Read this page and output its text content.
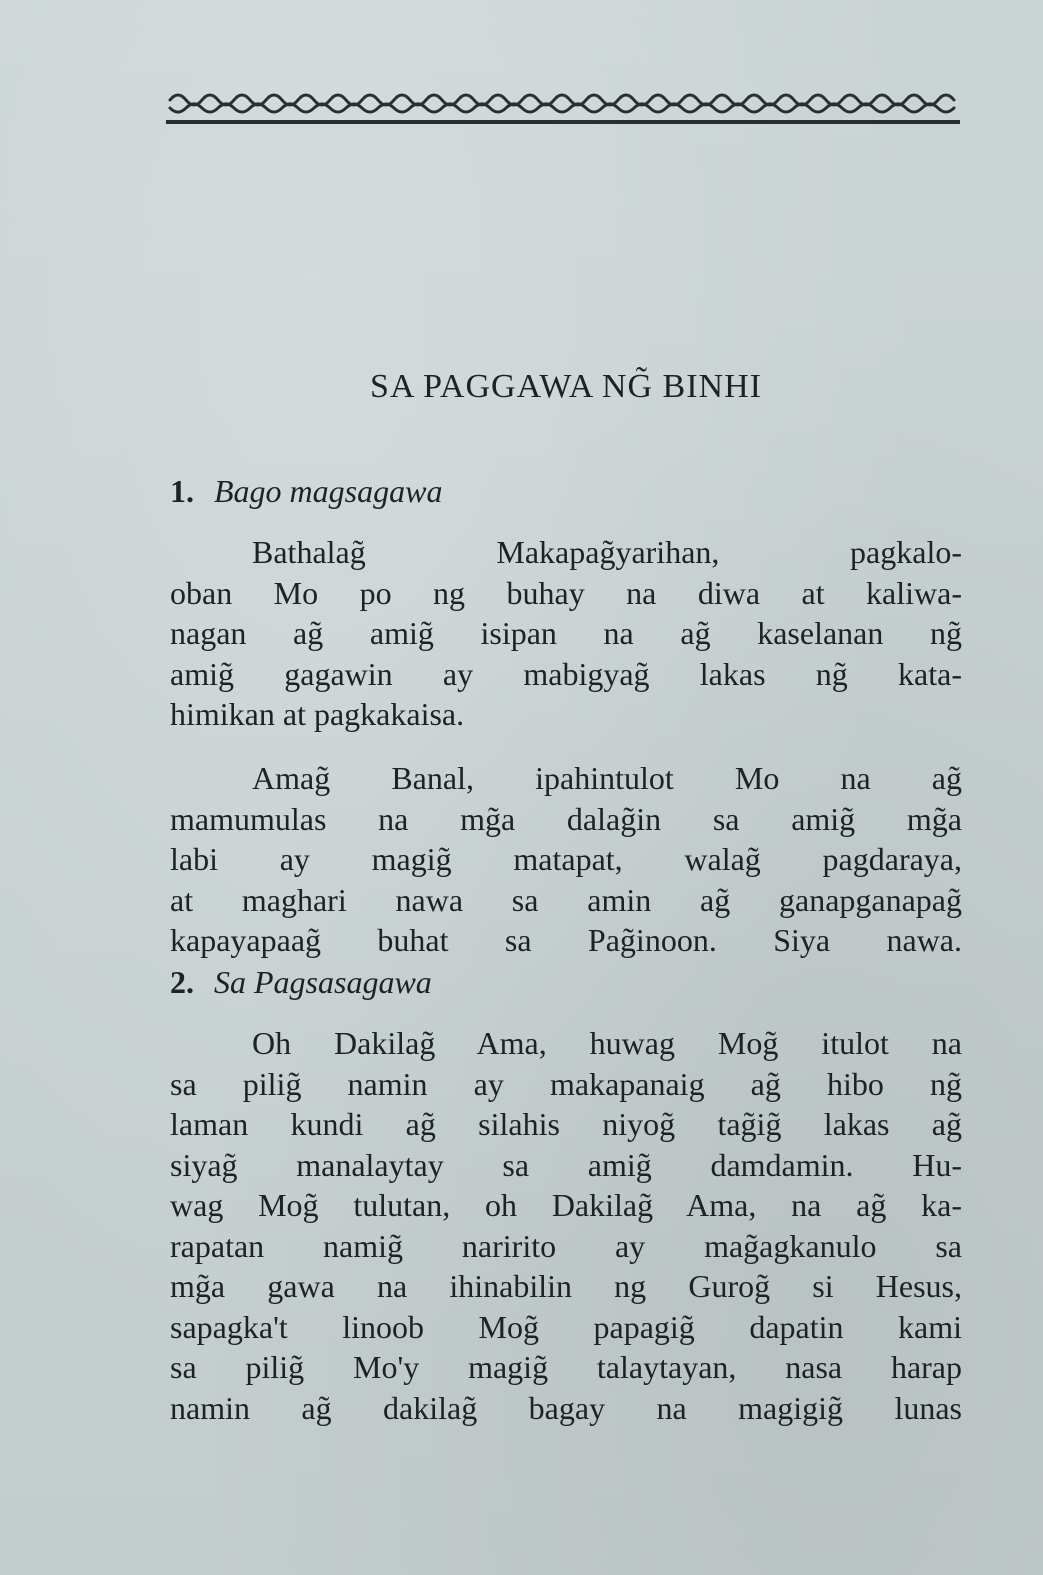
SA PAGGAWA NG̃ BINHI
1. Bago magsagawa

Bathalag̃ Makapag̃yarihan, pagkalo-
oban Mo po ng buhay na diwa at kaliwa-
nagan ag̃ amig̃ isipan na ag̃ kaselanan ng̃
amig̃ gagawin ay mabigyag̃ lakas ng̃ kata-
himikan at pagkakaisa.

Amag̃ Banal, ipahintulot Mo na ag̃
mamumulas na mg̃a dalag̃in sa amig̃ mg̃a
labi ay magig̃ matapat, walag̃ pagdaraya,
at maghari nawa sa amin ag̃ ganapganapag̃
kapayapaag̃ buhat sa Pag̃inoon. Siya nawa.

2. Sa Pagsasagawa

Oh Dakilag̃ Ama, huwag Mog̃ itulot na
sa pilig̃ namin ay makapanaig ag̃ hibo ng̃
laman kundi ag̃ silahis niyog̃ tag̃ig̃ lakas ag̃
siyag̃ manalaytay sa amig̃ damdamin. Hu-
wag Mog̃ tulutan, oh Dakilag̃ Ama, na ag̃ ka-
rapatan namig̃ naririto ay mag̃agkanulo sa
mg̃a gawa na ihinabilin ng Gurog̃ si Hesus,
sapagka't linoob Mog̃ papagig̃ dapatin kami
sa pilig̃ Mo'y magig̃ talaytayan, nasa harap
namin ag̃ dakilag̃ bagay na magigig̃ lunas
